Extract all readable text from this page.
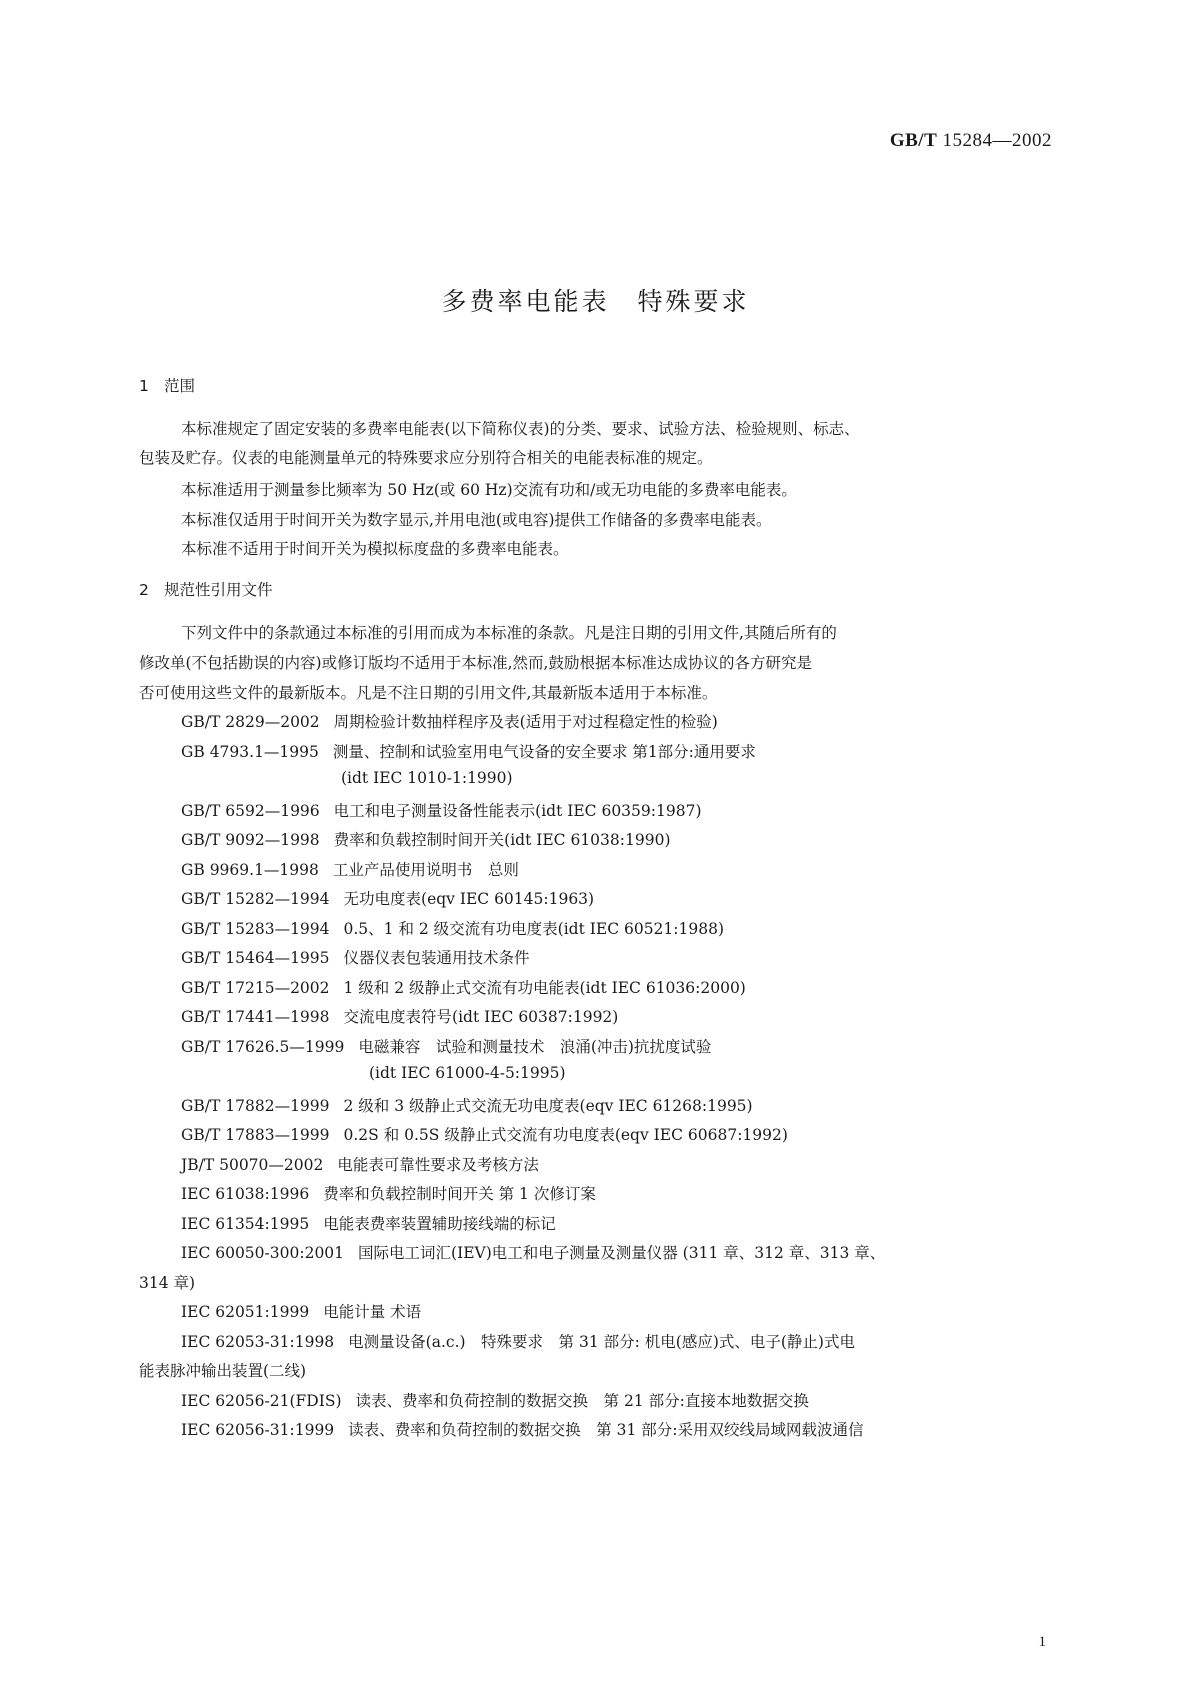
GB/T 15284—2002
多费率电能表　特殊要求
1 范围
本标准规定了固定安装的多费率电能表(以下简称仪表)的分类、要求、试验方法、检验规则、标志、
包装及贮存。仪表的电能测量单元的特殊要求应分别符合相关的电能表标准的规定。
本标准适用于测量参比频率为 50 Hz(或 60 Hz)交流有功和/或无功电能的多费率电能表。
本标准仅适用于时间开关为数字显示,并用电池(或电容)提供工作储备的多费率电能表。
本标准不适用于时间开关为模拟标度盘的多费率电能表。
2 规范性引用文件
下列文件中的条款通过本标准的引用而成为本标准的条款。凡是注日期的引用文件,其随后所有的
修改单(不包括勘误的内容)或修订版均不适用于本标准,然而,鼓励根据本标准达成协议的各方研究是
否可使用这些文件的最新版本。凡是不注日期的引用文件,其最新版本适用于本标准。
GB/T 2829—2002 周期检验计数抽样程序及表(适用于对过程稳定性的检验)
GB 4793.1—1995 测量、控制和试验室用电气设备的安全要求 第1部分:通用要求
(idt IEC 1010-1:1990)
GB/T 6592—1996 电工和电子测量设备性能表示(idt IEC 60359:1987)
GB/T 9092—1998 费率和负载控制时间开关(idt IEC 61038:1990)
GB 9969.1—1998 工业产品使用说明书　总则
GB/T 15282—1994 无功电度表(eqv IEC 60145:1963)
GB/T 15283—1994 0.5、1 和 2 级交流有功电度表(idt IEC 60521:1988)
GB/T 15464—1995 仪器仪表包装通用技术条件
GB/T 17215—2002 1 级和 2 级静止式交流有功电能表(idt IEC 61036:2000)
GB/T 17441—1998 交流电度表符号(idt IEC 60387:1992)
GB/T 17626.5—1999 电磁兼容　试验和测量技术　浪涌(冲击)抗扰度试验
(idt IEC 61000-4-5:1995)
GB/T 17882—1999 2 级和 3 级静止式交流无功电度表(eqv IEC 61268:1995)
GB/T 17883—1999 0.2S 和 0.5S 级静止式交流有功电度表(eqv IEC 60687:1992)
JB/T 50070—2002 电能表可靠性要求及考核方法
IEC 61038:1996 费率和负载控制时间开关 第 1 次修订案
IEC 61354:1995 电能表费率装置辅助接线端的标记
IEC 60050-300:2001 国际电工词汇(IEV)电工和电子测量及测量仪器 (311 章、312 章、313 章、
314 章)
IEC 62051:1999 电能计量 术语
IEC 62053-31:1998 电测量设备(a.c.)　特殊要求　第 31 部分: 机电(感应)式、电子(静止)式电
能表脉冲输出装置(二线)
IEC 62056-21(FDIS) 读表、费率和负荷控制的数据交换　第 21 部分:直接本地数据交换
IEC 62056-31:1999 读表、费率和负荷控制的数据交换　第 31 部分:采用双绞线局域网载波通信
1
